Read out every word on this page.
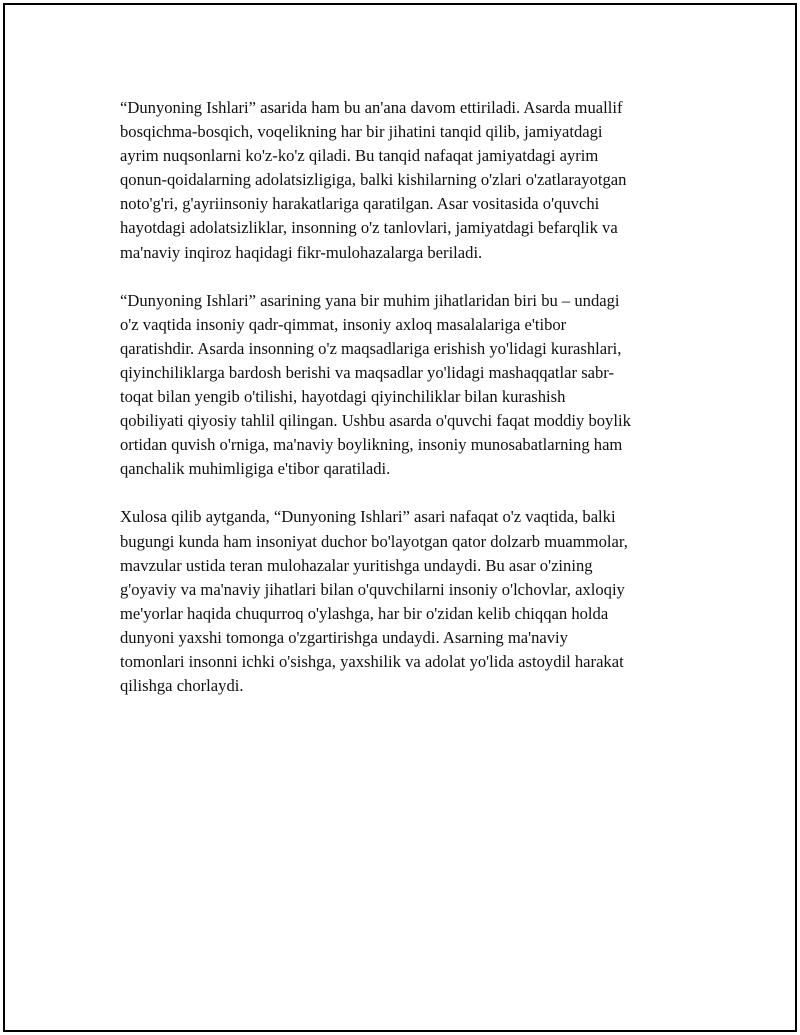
“Dunyoning Ishlari” asarida ham bu an'ana davom ettiriladi. Asarda muallif
bosqichma-bosqich, voqelikning har bir jihatini tanqid qilib, jamiyatdagi
ayrim nuqsonlarni ko'z-ko'z qiladi. Bu tanqid nafaqat jamiyatdagi ayrim
qonun-qoidalarning adolatsizligiga, balki kishilarning o'zlari o'zatlarayotgan
noto'g'ri, g'ayriinsoniy harakatlariga qaratilgan. Asar vositasida o'quvchi
hayotdagi adolatsizliklar, insonning o'z tanlovlari, jamiyatdagi befarqlik va
ma'naviy inqiroz haqidagi fikr-mulohazalarga beriladi.

“Dunyoning Ishlari” asarining yana bir muhim jihatlaridan biri bu – undagi
o'z vaqtida insoniy qadr-qimmat, insoniy axloq masalalariga e'tibor
qaratishdir. Asarda insonning o'z maqsadlariga erishish yo'lidagi kurashlari,
qiyinchiliklarga bardosh berishi va maqsadlar yo'lidagi mashaqqatlar sabr-
toqat bilan yengib o'tilishi, hayotdagi qiyinchiliklar bilan kurashish
qobiliyati qiyosiy tahlil qilingan. Ushbu asarda o'quvchi faqat moddiy boylik
ortidan quvish o'rniga, ma'naviy boylikning, insoniy munosabatlarning ham
qanchalik muhimligiga e'tibor qaratiladi.

Xulosa qilib aytganda, “Dunyoning Ishlari” asari nafaqat o'z vaqtida, balki
bugungi kunda ham insoniyat duchor bo'layotgan qator dolzarb muammolar,
mavzular ustida teran mulohazalar yuritishga undaydi. Bu asar o'zining
g'oyaviy va ma'naviy jihatlari bilan o'quvchilarni insoniy o'lchovlar, axloqiy
me'yorlar haqida chuqurroq o'ylashga, har bir o'zidan kelib chiqqan holda
dunyoni yaxshi tomonga o'zgartirishga undaydi. Asarning ma'naviy
tomonlari insonni ichki o'sishga, yaxshilik va adolat yo'lida astoydil harakat
qilishga chorlaydi.
